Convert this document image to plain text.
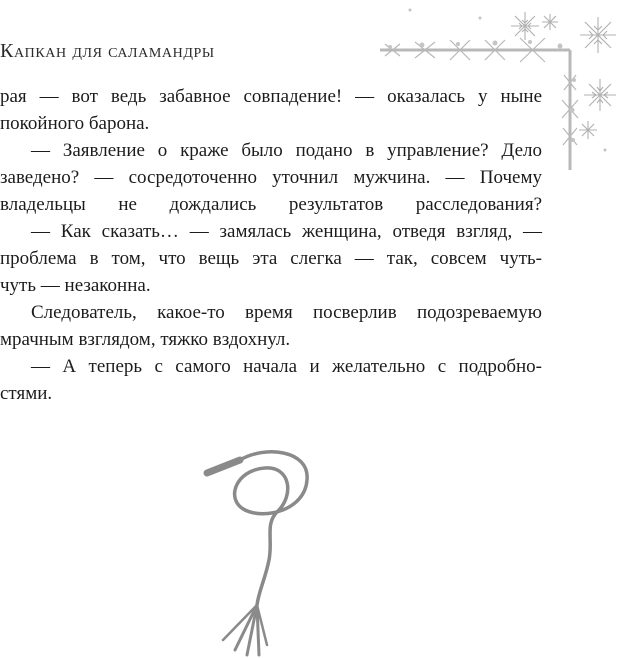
Капкан для саламандры
рая — вот ведь забавное совпадение! — оказалась у ныне
покойного барона.
— Заявление о краже было подано в управление? Дело
заведено? — сосредоточенно уточнил мужчина. — Почему
владельцы не дождались результатов расследования?
— Как сказать… — замялась женщина, отведя взгляд, —
проблема в том, что вещь эта слегка — так, совсем чуть-
чуть — незаконна.
Следователь, какое-то время посверлив подозреваемую
мрачным взглядом, тяжко вздохнул.
— А теперь с самого начала и желательно с подробно-
стями.
